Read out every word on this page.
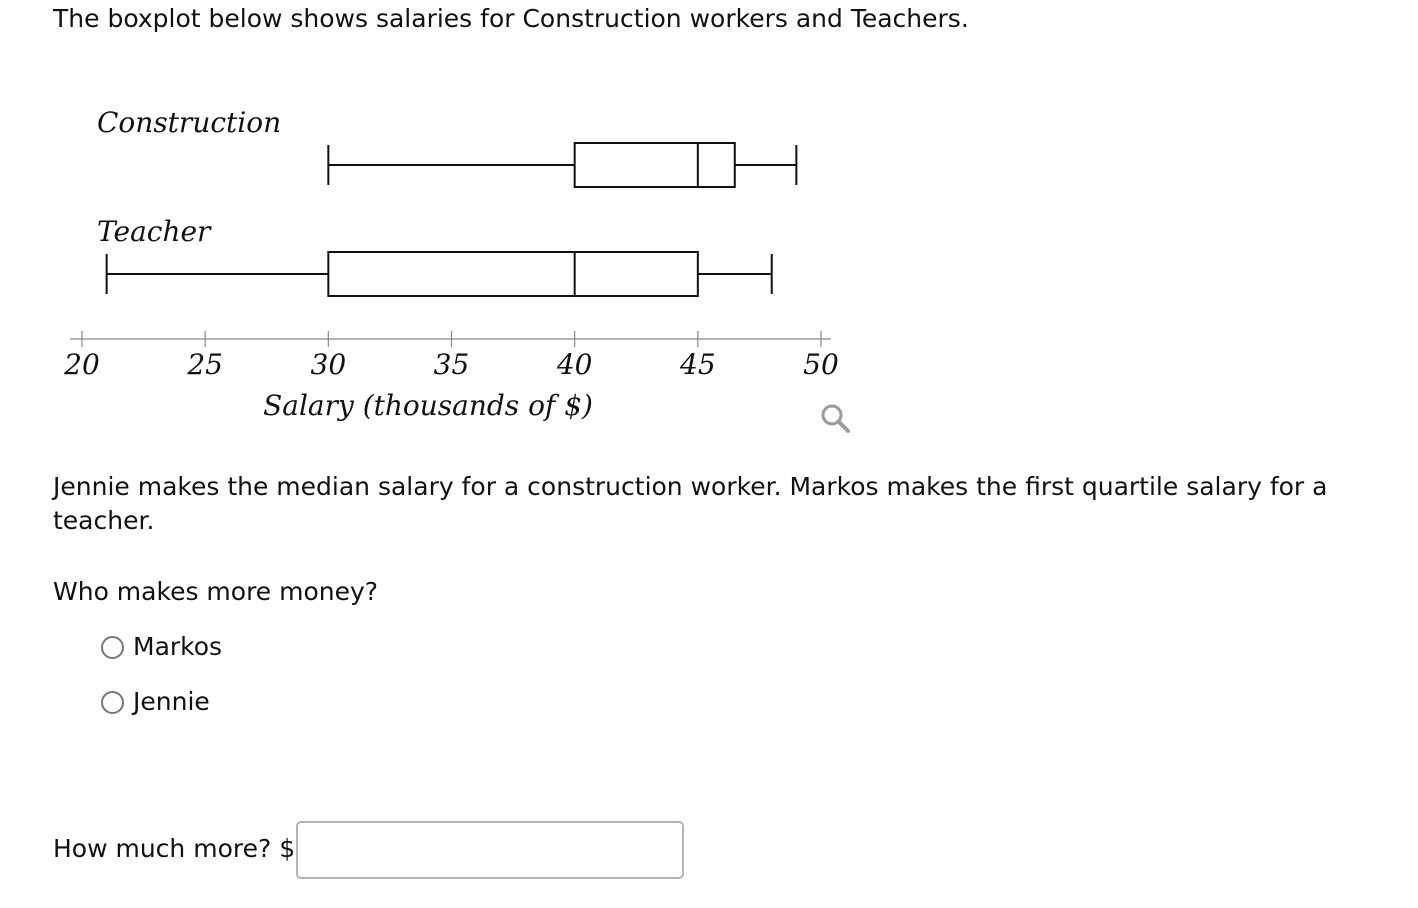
The boxplot below shows salaries for Construction workers and Teachers.

Construction
Teacher
20	25	30	35	40	45	50
Salary (thousands of $)

Jennie makes the median salary for a construction worker. Markos makes the first quartile salary for a teacher.

Who makes more money?

Markos
Jennie

How much more? $
